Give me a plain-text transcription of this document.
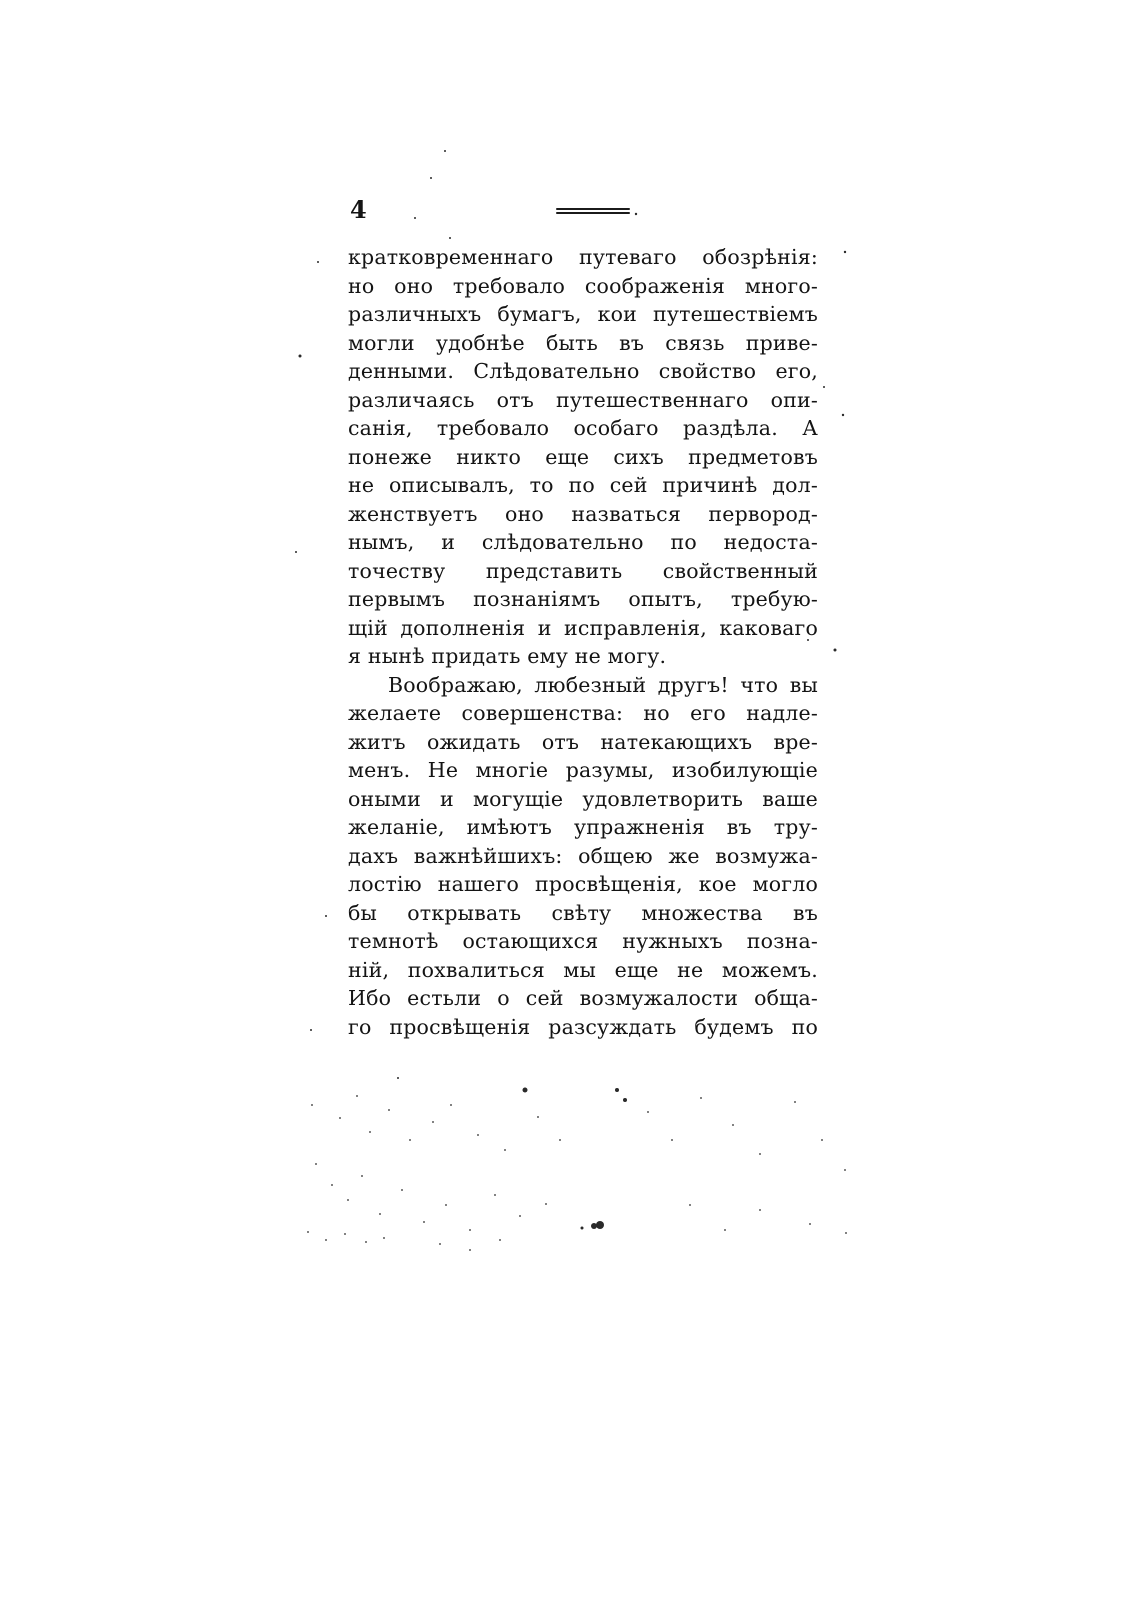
4
кратковременнаго путеваго обозрѣнія:
но оно требовало соображенія много-
различныхъ бумагъ, кои путешествіемъ
могли удобнѣе быть въ связь приве-
денными. Слѣдовательно свойство его,
различаясь отъ путешественнаго опи-
санія, требовало особаго раздѣла. А
понеже никто еще сихъ предметовъ
не описывалъ, то по сей причинѣ дол-
женствуетъ оно назваться первород-
нымъ, и слѣдовательно по недоста-
точеству представить свойственный
первымъ познаніямъ опытъ, требую-
щій дополненія и исправленія, каковаго
я нынѣ придать ему не могу.
Воображаю, любезный другъ! что вы
желаете совершенства: но его надле-
житъ ожидать отъ натекающихъ вре-
менъ. Не многіе разумы, изобилующіе
оными и могущіе удовлетворить ваше
желаніе, имѣютъ упражненія въ тру-
дахъ важнѣйшихъ: общею же возмужа-
лостію нашего просвѣщенія, кое могло
бы открывать свѣту множества въ
темнотѣ остающихся нужныхъ позна-
ній, похвалиться мы еще не можемъ.
Ибо естьли о сей возмужалости обща-
го просвѣщенія разсуждать будемъ по
